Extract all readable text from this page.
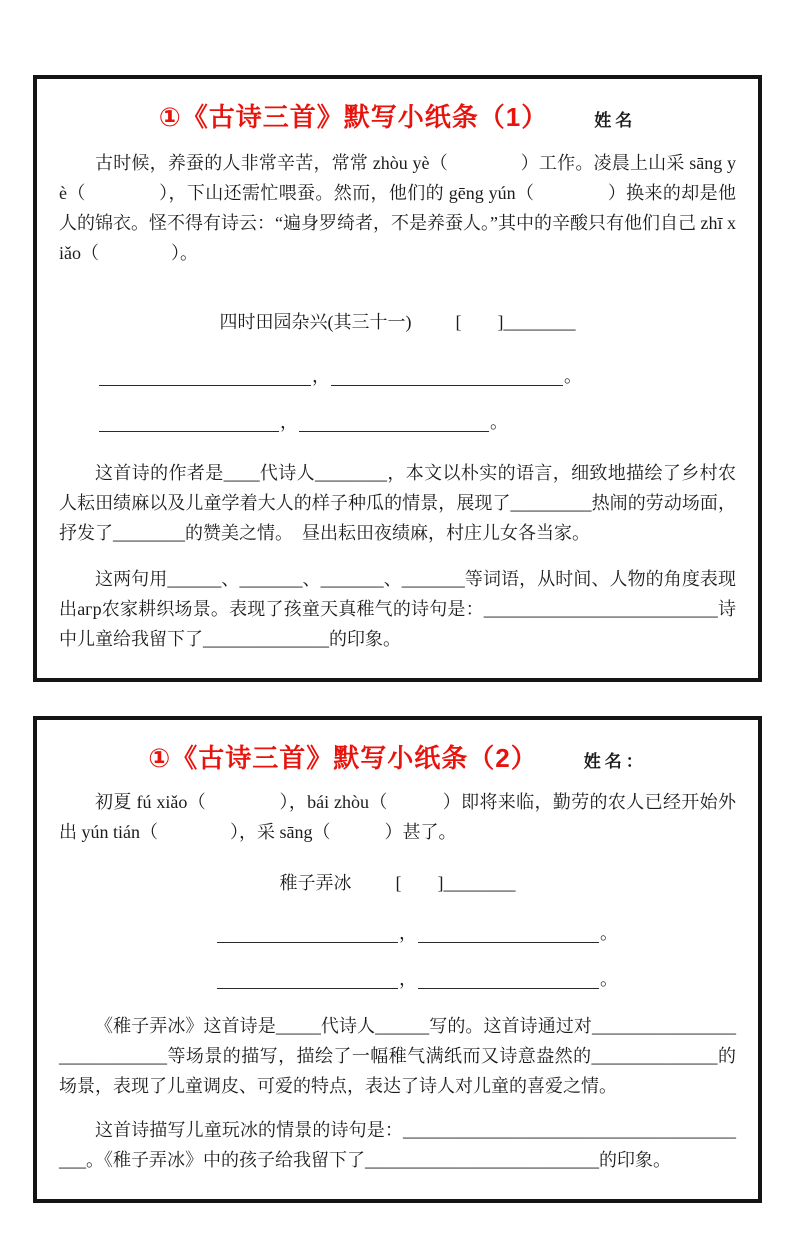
①《古诗三首》默写小纸条（1）	姓名

古时候，养蚕的人非常辛苦，常常 zhòu yè（　　　　）工作。凌晨上山采 sāng yè（　　　　），下山还需忙喂蚕。然而，他们的 gēng yún（　　　　）换来的却是他人的锦衣。怪不得有诗云：“遍身罗绮者，不是养蚕人。”其中的辛酸只有他们自己 zhī xiǎo（　　　　）。

四时田园杂兴(其三十一) [　　] ________
，	。
，	。

这首诗的作者是____代诗人________，本文以朴实的语言，细致地描绘了乡村农人耘田绩麻以及儿童学着大人的样子种瓜的情景，展现了_________热闹的劳动场面，抒发了________的赞美之情。　昼出耘田夜绩麻，村庄儿女各当家。

这两句用______、_______、_______、_______等词语，从时间、人物的角度表现出агр农家耕织场景。表现了孩童天真稚气的诗句是：__________________________诗中儿童给我留下了______________的印象。

①《古诗三首》默写小纸条（2）	姓名：

初夏 fú xiǎo（　　　　），bái zhòu（　　　）即将来临，勤劳的农人已经开始外出 yún tián（　　　　），采 sāng（　　　）甚了。

稚子弄冰 [　　] ________
，	。
，	。

《稚子弄冰》这首诗是_____代诗人______写的。这首诗通过对____________________________等场景的描写，描绘了一幅稚气满纸而又诗意盎然的______________的场景，表现了儿童调皮、可爱的特点，表达了诗人对儿童的喜爱之情。

这首诗描写儿童玩冰的情景的诗句是：________________________________________。《稚子弄冰》中的孩子给我留下了__________________________的印象。
